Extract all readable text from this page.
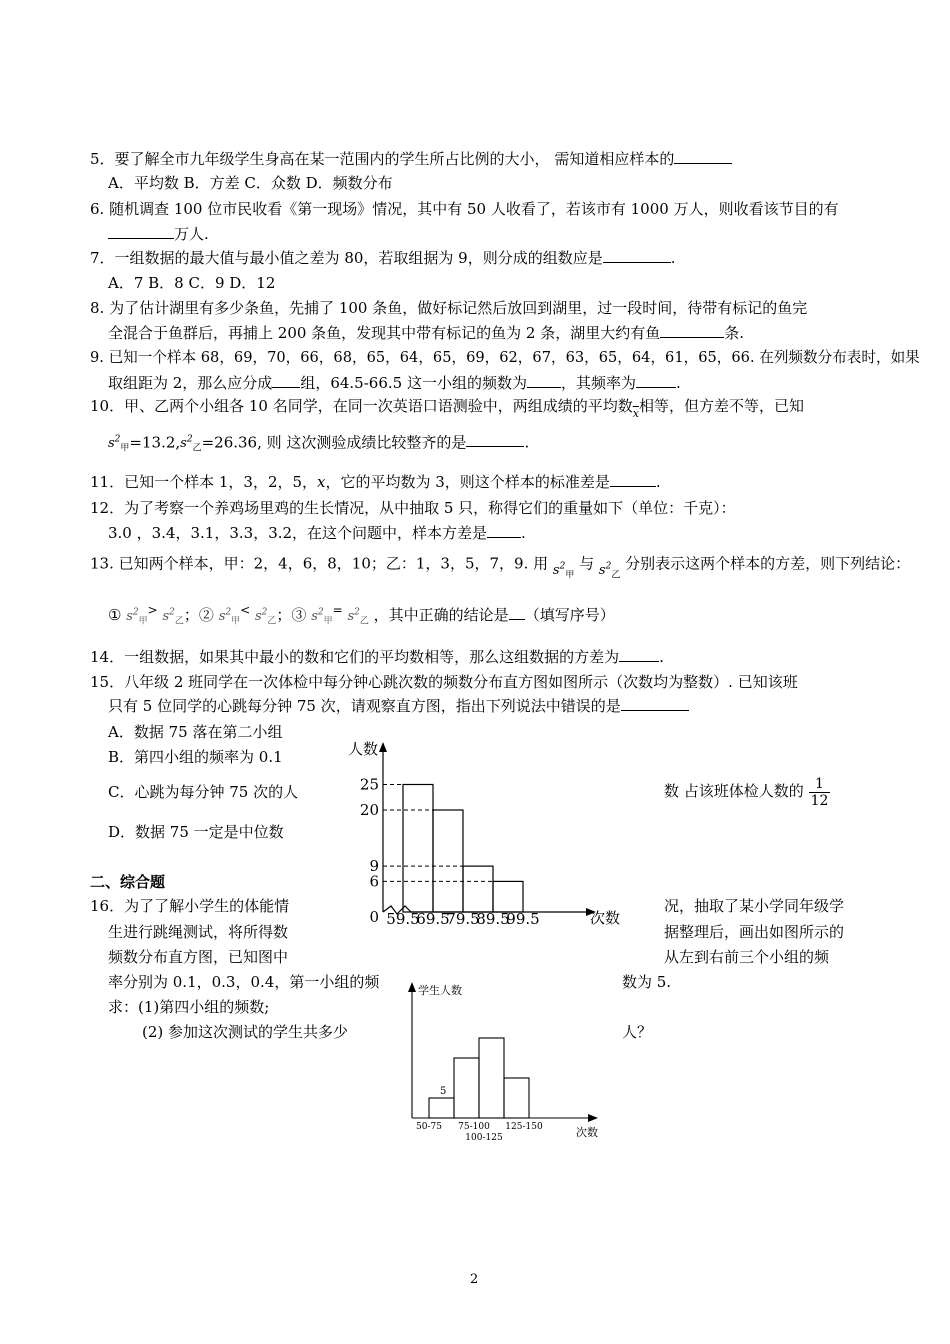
5．要了解全市九年级学生身高在某一范围内的学生所占比例的大小， 需知道相应样本的
A．平均数 B．方差 C．众数 D．频数分布
6. 随机调查 100 位市民收看《第一现场》情况，其中有 50 人收看了，若该市有 1000 万人，则收看该节目的有
万人.
7．一组数据的最大值与最小值之差为 80，若取组据为 9，则分成的组数应是	.
A．7 B．8 C．9 D．12
8. 为了估计湖里有多少条鱼，先捕了 100 条鱼，做好标记然后放回到湖里，过一段时间，待带有标记的鱼完
全混合于鱼群后，再捕上 200 条鱼，发现其中带有标记的鱼为 2 条，湖里大约有鱼	条.
9. 已知一个样本 68，69，70，66，68，65，64，65，69，62，67，63，65，64，61，65，66. 在列频数分布表时，如果
取组距为 2，那么应分成 组，64.5-66.5 这一小组的频数为 ，其频率为	.
10．甲、乙两个小组各 10 名同学，在同一次英语口语测验中，两组成绩的平均数$\overline{x}$相等，但方差不等，已知
$s^2_甲=13.2,s^2_乙=26.36$, 则 这次测验成绩比较整齐的是	.
11．已知一个样本 1，3，2，5，x，它的平均数为 3，则这个样本的标准差是	.
12．为了考察一个养鸡场里鸡的生长情况，从中抽取 5 只，称得它们的重量如下（单位：千克）：
3.0 ，3.4，3.1，3.3，3.2，在这个问题中，样本方差是 .
13. 已知两个样本，甲：2，4，6，8，10；乙：1，3，5，7，9. 用 $s^2_甲$ 与 $s^2_乙$ 分别表示这两个样本的方差，则下列结论：
① $s^2_甲^>$ $s^2_乙$；② $s^2_甲^<$ $s^2_乙$；③ $s^2_甲^=$ $s^2_乙$ ，其中正确的结论是 （填写序号）
14．一组数据，如果其中最小的数和它们的平均数相等，那么这组数据的方差为	.
15．八年级 2 班同学在一次体检中每分钟心跳次数的频数分布直方图如图所示（次数均为整数）. 已知该班
只有 5 位同学的心跳每分钟 75 次，请观察直方图，指出下列说法中错误的是
A．数据 75 落在第二小组
B．第四小组的频率为 0.1
C．心跳为每分钟 75 次的人	数 占该班体检人数的 $\frac{1}{12}$
D．数据 75 一定是中位数
人数
次数
0
6
9
20
25
59.5
69.5
79.5
89.5
99.5
二、综合题
16．为了了解小学生的体能情	况，抽取了某小学同年级学
生进行跳绳测试，将所得数	据整理后，画出如图所示的
频数分布直方图，已知图中	从左到右前三个小组的频
率分别为 0.1，0.3，0.4，第一小组的频	数为 5.
求：(1)第四小组的频数;
(2) 参加这次测试的学生共多少	人？
学生人数
次数
5
50-75 75-100
100-125
125-150
2
